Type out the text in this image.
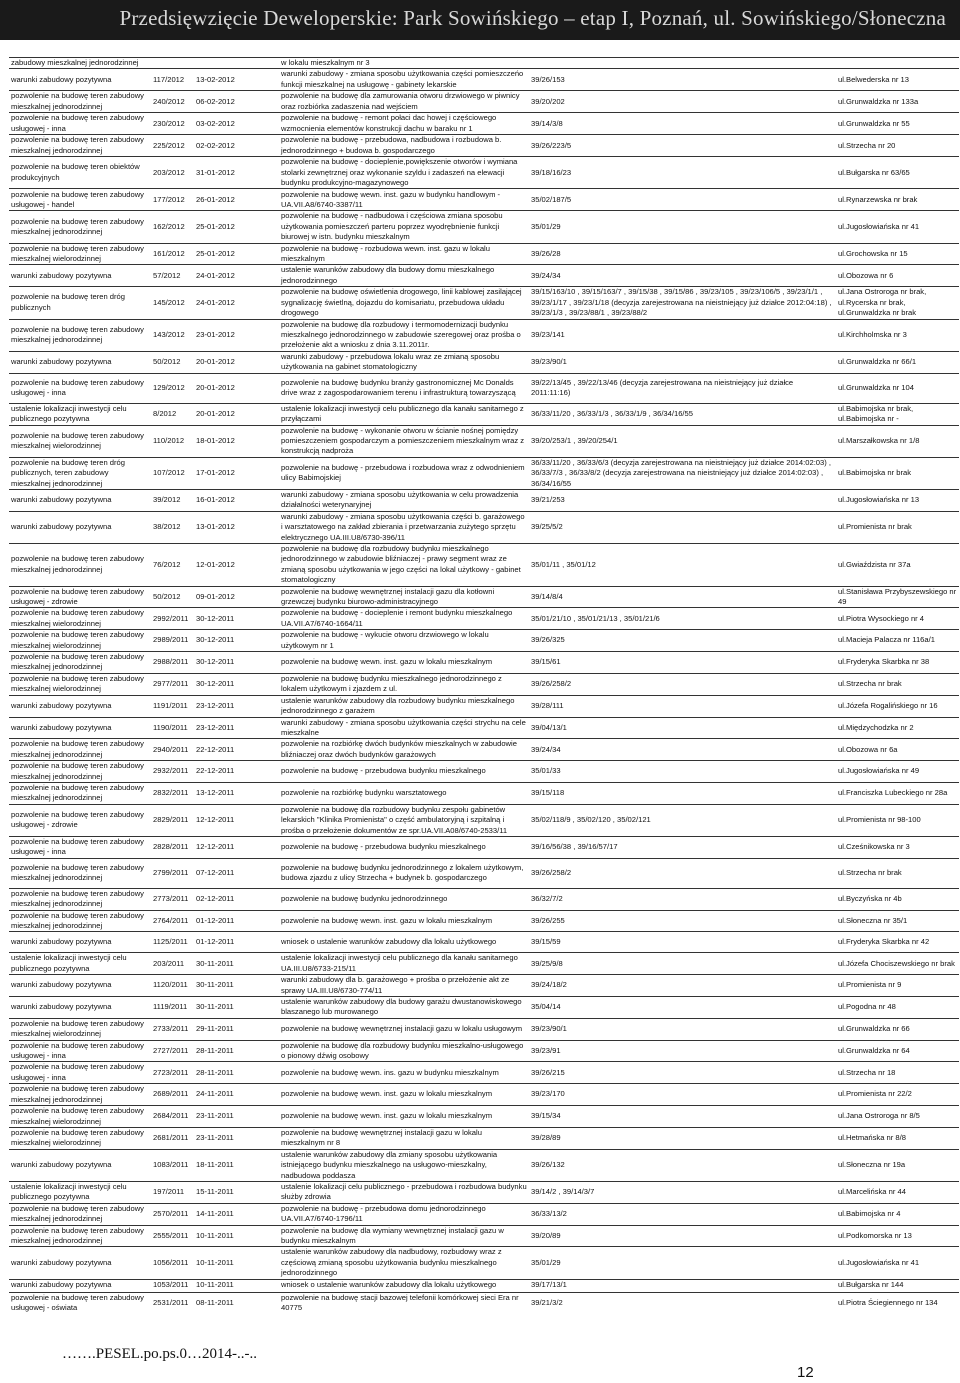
Przedsięwzięcie Deweloperskie: Park Sowińskiego – etap I, Poznań, ul. Sowińskiego/Słoneczna
zabudowy mieszkalnej jednorodzinnej			w lokalu mieszkalnym nr 3		
warunki zabudowy pozytywna	117/2012	13-02-2012	warunki zabudowy - zmiana sposobu użytkowania części pomieszczeńo funkcji mieszkalnej na usługowę - gabinety lekarskie	39/26/153	ul.Belwederska nr 13
pozwolenie na budowę teren zabudowy mieszkalnej jednorodzinnej	240/2012	06-02-2012	pozwolenie na budowę dla zamurowania otworu drzwiowego w piwnicy oraz rozbiórka zadaszenia nad wejściem	39/20/202	ul.Grunwaldzka nr 133a
pozwolenie na budowę teren zabudowy usługowej - inna	230/2012	03-02-2012	pozwolenie na budowę - remont połaci dac howej i częściowego wzmocnienia elementów konstrukcji dachu w baraku nr 1	39/14/3/8	ul.Grunwaldzka nr 55
pozwolenie na budowę teren zabudowy mieszkalnej jednorodzinnej	225/2012	02-02-2012	pozwolenie na budowę - przebudowa, nadbudowa i rozbudowa b. jednorodzinnego + budowa b. gospodarczego	39/26/223/5	ul.Strzecha nr 20
pozwolenie na budowę teren obiektów produkcyjnych	203/2012	31-01-2012	pozwolenie na budowę - docieplenie,powiększenie otworów i wymiana stolarki zewnętrznej oraz wykonanie szyldu i zadaszeń na elewacji budynku produkcyjno-magazynowego	39/18/16/23	ul.Bułgarska nr 63/65
pozwolenie na budowę teren zabudowy usługowej - handel	177/2012	26-01-2012	pozwolenie na budowę wewn. inst. gazu w budynku handlowym - UA.VII.A8/6740-3387/11	35/02/187/5	ul.Rynarzewska nr brak
pozwolenie na budowę teren zabudowy mieszkalnej jednorodzinnej	162/2012	25-01-2012	pozwolenie na budowę - nadbudowa i częściowa zmiana sposobu użytkowania pomieszczeń parteru poprzez wyodrębnienie funkcji biurowej w istn. budynku mieszkalnym	35/01/29	ul.Jugosłowiańska nr 41
pozwolenie na budowę teren zabudowy mieszkalnej wielorodzinnej	161/2012	25-01-2012	pozwolenie na budowę - rozbudowa wewn. inst. gazu w lokalu mieszkalnym	39/26/28	ul.Grochowska nr 15
warunki zabudowy pozytywna	57/2012	24-01-2012	ustalenie warunków zabudowy dla budowy domu mieszkalnego jednorodzinnego	39/24/34	ul.Obozowa nr 6
pozwolenie na budowę teren dróg publicznych	145/2012	24-01-2012	pozwolenie na budowę oświetlenia drogowego, linii kablowej zasilającej sygnalizację świetlną, dojazdu do komisariatu, przebudowa układu drogowego	39/15/163/10 , 39/15/163/7 , 39/15/38 , 39/15/86 , 39/23/105 , 39/23/106/5 , 39/23/1/1 , 39/23/1/17 , 39/23/1/18 (decyzja zarejestrowana na nieistniejący już działce 2012:04:18) , 39/23/1/3 , 39/23/88/1 , 39/23/88/2	ul.Jana Ostroroga nr brak, ul.Rycerska nr brak, ul.Grunwaldzka nr brak
pozwolenie na budowę teren zabudowy mieszkalnej jednorodzinnej	143/2012	23-01-2012	pozwolenie na budowę dla rozbudowy i termomodernizacji budynku mieszkalnego jednorodzinnego w zabudowie szeregowej oraz prośba o przełożenie akt a wniosku z dnia 3.11.2011r.	39/23/141	ul.Kirchholmska nr 3
warunki zabudowy pozytywna	50/2012	20-01-2012	warunki zabudowy - przebudowa lokalu wraz ze zmianą sposobu użytkowania na gabinet stomatologiczny	39/23/90/1	ul.Grunwaldzka nr 66/1
pozwolenie na budowę teren zabudowy usługowej - inna	129/2012	20-01-2012	pozwolenie na budowę budynku branży gastronomicznej Mc Donalds drive wraz z zagospodarowaniem terenu i infrastrukturą towarzyszącą	39/22/13/45 , 39/22/13/46 (decyzja zarejestrowana na nieistniejący już działce 2011:11:16)	ul.Grunwaldzka nr 104
ustalenie lokalizacji inwestycji celu publicznego pozytywna	8/2012	20-01-2012	ustalenie lokalizacji inwestycji celu publicznego dla kanału sanitarnego z przyłączami	36/33/11/20 , 36/33/1/3 , 36/33/1/9 , 36/34/16/55	ul.Babimojska nr brak, ul.Babimojska nr -
pozwolenie na budowę teren zabudowy mieszkalnej wielorodzinnej	110/2012	18-01-2012	pozwolenie na budowę - wykonanie otworu w ścianie nośnej pomiędzy pomieszczeniem gospodarczym a pomieszczeniem mieszkalnym wraz z konstrukcją nadproża	39/20/253/1 , 39/20/254/1	ul.Marszałkowska nr 1/8
pozwolenie na budowę teren dróg publicznych, teren zabudowy mieszkalnej jednorodzinnej	107/2012	17-01-2012	pozwolenie na budowę - przebudowa i rozbudowa wraz z odwodnieniem ulicy Babimojskiej	36/33/11/20 , 36/33/6/3 (decyzja zarejestrowana na nieistniejący już działce 2014:02:03) , 36/33/7/3 , 36/33/8/2 (decyzja zarejestrowana na nieistniejący już działce 2014:02:03) , 36/34/16/55	ul.Babimojska nr brak
warunki zabudowy pozytywna	39/2012	16-01-2012	warunki zabudowy - zmiana sposobu użytkowania w celu prowadzenia działalności weterynaryjnej	39/21/253	ul.Jugosłowiańska nr 13
warunki zabudowy pozytywna	38/2012	13-01-2012	warunki zabudowy - zmiana sposobu użytkowania części b. garażowego i warsztatowego na zakład zbierania i przetwarzania zużytego sprzętu elektrycznego UA.III.U8/6730-396/11	39/25/5/2	ul.Promienista nr brak
pozwolenie na budowę teren zabudowy mieszkalnej jednorodzinnej	76/2012	12-01-2012	pozwolenie na budowę dla rozbudowy budynku mieszkalnego jednorodzinnego w zabudowie bliźniaczej - prawy segment wraz ze zmianą sposobu użytkowania w jego części na lokal użytkowy - gabinet stomatologiczny	35/01/11 , 35/01/12	ul.Gwiaździsta nr 37a
pozwolenie na budowę teren zabudowy usługowej - zdrowie	50/2012	09-01-2012	pozwolenie na budowę wewnętrznej instalacji gazu dla kotłowni grzewczej budynku biurowo-administracyjnego	39/14/8/4	ul.Stanisława Przybyszewskiego nr 49
pozwolenie na budowę teren zabudowy mieszkalnej wielorodzinnej	2992/2011	30-12-2011	pozwolenie na budowę - docieplenie i remont budynku mieszkalnego UA.VII.A7/6740-1664/11	35/01/21/10 , 35/01/21/13 , 35/01/21/6	ul.Piotra Wysockiego nr 4
pozwolenie na budowę teren zabudowy mieszkalnej wielorodzinnej	2989/2011	30-12-2011	pozwolenie na budowę - wykucie otworu drzwiowego w lokalu użytkowym nr 1	39/26/325	ul.Macieja Palacza nr 116a/1
pozwolenie na budowę teren zabudowy mieszkalnej jednorodzinnej	2988/2011	30-12-2011	pozwolenie na budowę wewn. inst. gazu w lokalu mieszkalnym	39/15/61	ul.Fryderyka Skarbka nr 38
pozwolenie na budowę teren zabudowy mieszkalnej wielorodzinnej	2977/2011	30-12-2011	pozwolenie na budowę budynku mieszkalnego jednorodzinnego z lokalem użytkowym i zjazdem z ul.	39/26/258/2	ul.Strzecha nr brak
warunki zabudowy pozytywna	1191/2011	23-12-2011	ustalenie warunków zabudowy dla rozbudowy budynku mieszkalnego jednorodzinnego z garażem	39/28/111	ul.Józefa Rogalińskiego nr 16
warunki zabudowy pozytywna	1190/2011	23-12-2011	warunki zabudowy - zmiana sposobu użytkowania części strychu na cele mieszkalne	39/04/13/1	ul.Międzychodzka nr 2
pozwolenie na budowę teren zabudowy mieszkalnej jednorodzinnej	2940/2011	22-12-2011	pozwolenie na rozbiórkę dwóch budynków mieszkalnych w zabudowie bliźniaczej oraz dwóch budynków garażowych	39/24/34	ul.Obozowa nr 6a
pozwolenie na budowę teren zabudowy mieszkalnej jednorodzinnej	2932/2011	22-12-2011	pozwolenie na budowę - przebudowa budynku mieszkalnego	35/01/33	ul.Jugosłowiańska nr 49
pozwolenie na budowę teren zabudowy mieszkalnej jednorodzinnej	2832/2011	13-12-2011	pozwolenie na rozbiórkę budynku warsztatowego	39/15/118	ul.Franciszka Lubeckiego nr 28a
pozwolenie na budowę teren zabudowy usługowej - zdrowie	2829/2011	12-12-2011	pozwolenie na budowę dla rozbudowy budynku zespołu gabinetów lekarskich "Klinika Promienista" o część ambulatoryjną i szpitalną i prośba o przełożenie dokumentów ze spr.UA.VII.A08/6740-2533/11	35/02/118/9 , 35/02/120 , 35/02/121	ul.Promienista nr 98-100
pozwolenie na budowę teren zabudowy usługowej - inna	2828/2011	12-12-2011	pozwolenie na budowę - przebudowa budynku mieszkalnego	39/16/56/38 , 39/16/57/17	ul.Cześnikowska nr 3
pozwolenie na budowę teren zabudowy mieszkalnej jednorodzinnej	2799/2011	07-12-2011	pozwolenie na budowę budynku jednorodzinnego z lokalem użytkowym, budowa zjazdu z ulicy Strzecha + budynek b. gospodarczego	39/26/258/2	ul.Strzecha nr brak
pozwolenie na budowę teren zabudowy mieszkalnej jednorodzinnej	2773/2011	02-12-2011	pozwolenie na budowę budynku jednorodzinnego	36/32/7/2	ul.Byczyńska nr 4b
pozwolenie na budowę teren zabudowy mieszkalnej jednorodzinnej	2764/2011	01-12-2011	pozwolenie na budowę wewn. inst. gazu w lokalu mieszkalnym	39/26/255	ul.Słoneczna nr 35/1
warunki zabudowy pozytywna	1125/2011	01-12-2011	wniosek o ustalenie warunków zabudowy dla lokalu użytkowego	39/15/59	ul.Fryderyka Skarbka nr 42
ustalenie lokalizacji inwestycji celu publicznego pozytywna	203/2011	30-11-2011	ustalenie lokalizacji inwestycji celu publicznego dla kanału sanitarnego UA.III.U8/6733-215/11	39/25/9/8	ul.Józefa Chociszewskiego nr brak
warunki zabudowy pozytywna	1120/2011	30-11-2011	warunki zabudowy dla b. garażowego + prośba o przełożenie akt ze sprawy UA.III.U8/6730-774/11	39/24/18/2	ul.Promienista nr 9
warunki zabudowy pozytywna	1119/2011	30-11-2011	ustalenie warunków zabudowy dla budowy garażu dwustanowiskowego blaszanego lub murowanego	35/04/14	ul.Pogodna nr 48
pozwolenie na budowę teren zabudowy mieszkalnej wielorodzinnej	2733/2011	29-11-2011	pozwolenie na budowę wewnętrznej instalacji gazu w lokalu usługowym	39/23/90/1	ul.Grunwaldzka nr 66
pozwolenie na budowę teren zabudowy usługowej - inna	2727/2011	28-11-2011	pozwolenie na budowę dla rozbudowy budynku mieszkalno-usługowego o pionowy dźwig osobowy	39/23/91	ul.Grunwaldzka nr 64
pozwolenie na budowę teren zabudowy usługowej - inna	2723/2011	28-11-2011	pozwolenie na budowę wewn. ins. gazu w budynku mieszkalnym	39/26/215	ul.Strzecha nr 18
pozwolenie na budowę teren zabudowy mieszkalnej jednorodzinnej	2689/2011	24-11-2011	pozwolenie na budowę wewn. inst. gazu w lokalu mieszkalnym	39/23/170	ul.Promienista nr 22/2
pozwolenie na budowę teren zabudowy mieszkalnej wielorodzinnej	2684/2011	23-11-2011	pozwolenie na budowę wewn. inst. gazu w lokalu mieszkalnym	39/15/34	ul.Jana Ostroroga nr 8/5
pozwolenie na budowę teren zabudowy mieszkalnej wielorodzinnej	2681/2011	23-11-2011	pozwolenie na budowę wewnętrznej instalacji gazu w lokalu mieszkalnym nr 8	39/28/89	ul.Hetmańska nr 8/8
warunki zabudowy pozytywna	1083/2011	18-11-2011	ustalenie warunków zabudowy dla zmiany sposobu użytkowania istniejącego budynku mieszkalnego na usługowo-mieszkalny, nadbudowa poddasza	39/26/132	ul.Słoneczna nr 19a
ustalenie lokalizacji inwestycji celu publicznego pozytywna	197/2011	15-11-2011	ustalenie lokalizacji celu publicznego - przebudowa i rozbudowa budynku służby zdrowia	39/14/2 , 39/14/3/7	ul.Marcelińska nr 44
pozwolenie na budowę teren zabudowy mieszkalnej jednorodzinnej	2570/2011	14-11-2011	pozwolenie na budowę - przebudowa domu jednorodzinnego UA.VII.A7/6740-1796/11	36/33/13/2	ul.Babimojska nr 4
pozwolenie na budowę teren zabudowy mieszkalnej jednorodzinnej	2555/2011	10-11-2011	pozwolenie na budowę dla wymiany wewnętrznej instalacji gazu w budynku mieszkalnym	39/20/89	ul.Podkomorska nr 13
warunki zabudowy pozytywna	1056/2011	10-11-2011	ustalenie warunków zabudowy dla nadbudowy, rozbudowy wraz z częściową zmianą sposobu użytkowania budynku mieszkalnego jednorodzinnego	35/01/29	ul.Jugosłowiańska nr 41
warunki zabudowy pozytywna	1053/2011	10-11-2011	wniosek o ustalenie warunków zabudowy dla lokalu użytkowego	39/17/13/1	ul.Bułgarska nr 144
pozwolenie na budowę teren zabudowy usługowej - oświata	2531/2011	08-11-2011	pozwolenie na budowę stacji bazowej telefonii komórkowej sieci Era nr 40775	39/21/3/2	ul.Piotra Ściegiennego nr 134
…….PESEL.po.ps.0…2014-..-..
12
